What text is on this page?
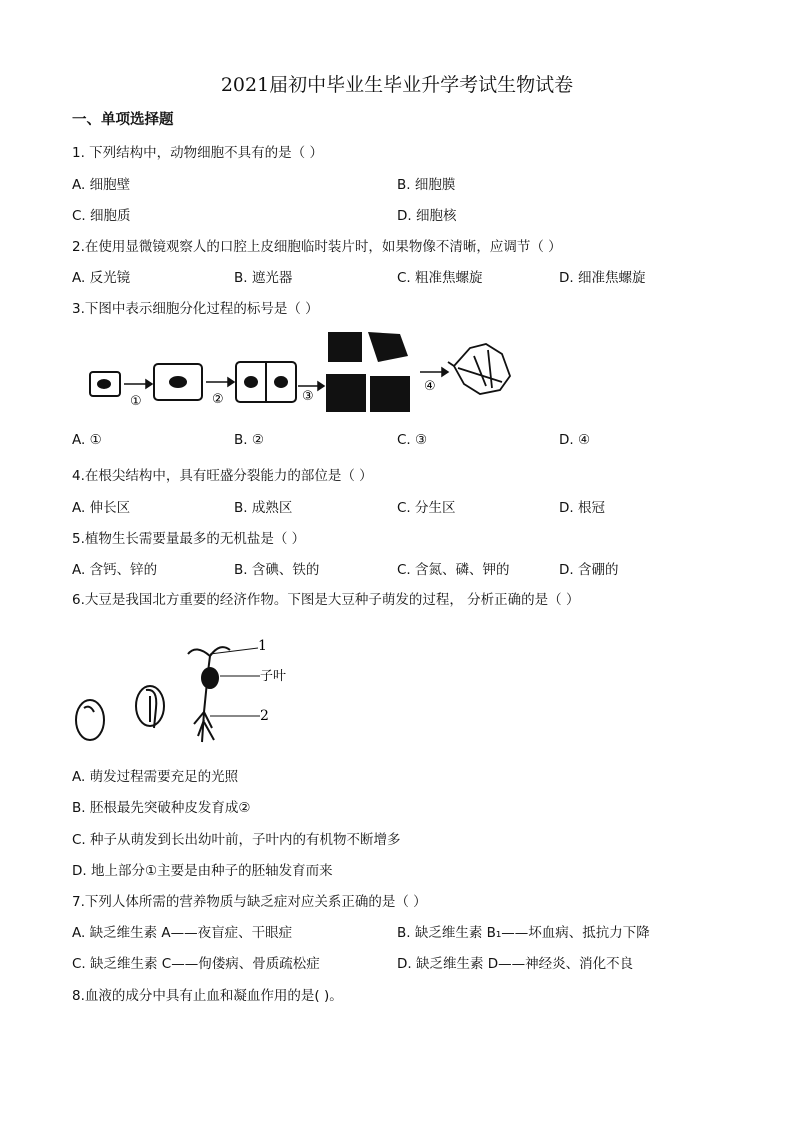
2021届初中毕业生毕业升学考试生物试卷
一、单项选择题
1. 下列结构中，动物细胞不具有的是（ ）
A. 细胞壁	B. 细胞膜
C. 细胞质	D. 细胞核
2.在使用显微镜观察人的口腔上皮细胞临时装片时，如果物像不清晰，应调节（ ）
A. 反光镜	B. 遮光器	C. 粗准焦螺旋	D. 细准焦螺旋
3.下图中表示细胞分化过程的标号是（ ）
①	②	③
④
A. ①	B. ②	C. ③	D. ④
4.在根尖结构中，具有旺盛分裂能力的部位是（ ）
A. 伸长区	B. 成熟区	C. 分生区	D. 根冠
5.植物生长需要量最多的无机盐是（ ）
A. 含钙、锌的	B. 含碘、铁的	C. 含氮、磷、钾的	D. 含硼的
6.大豆是我国北方重要的经济作物。下图是大豆种子萌发的过程， 分析正确的是（ ）
1
子叶
2
A. 萌发过程需要充足的光照
B. 胚根最先突破种皮发育成②
C. 种子从萌发到长出幼叶前，子叶内的有机物不断增多
D. 地上部分①主要是由种子的胚轴发育而来
7.下列人体所需的营养物质与缺乏症对应关系正确的是（ ）
A. 缺乏维生素 A——夜盲症、干眼症	B. 缺乏维生素 B₁——坏血病、抵抗力下降
C. 缺乏维生素 C——佝偻病、骨质疏松症	D. 缺乏维生素 D——神经炎、消化不良
8.血液的成分中具有止血和凝血作用的是( )。
